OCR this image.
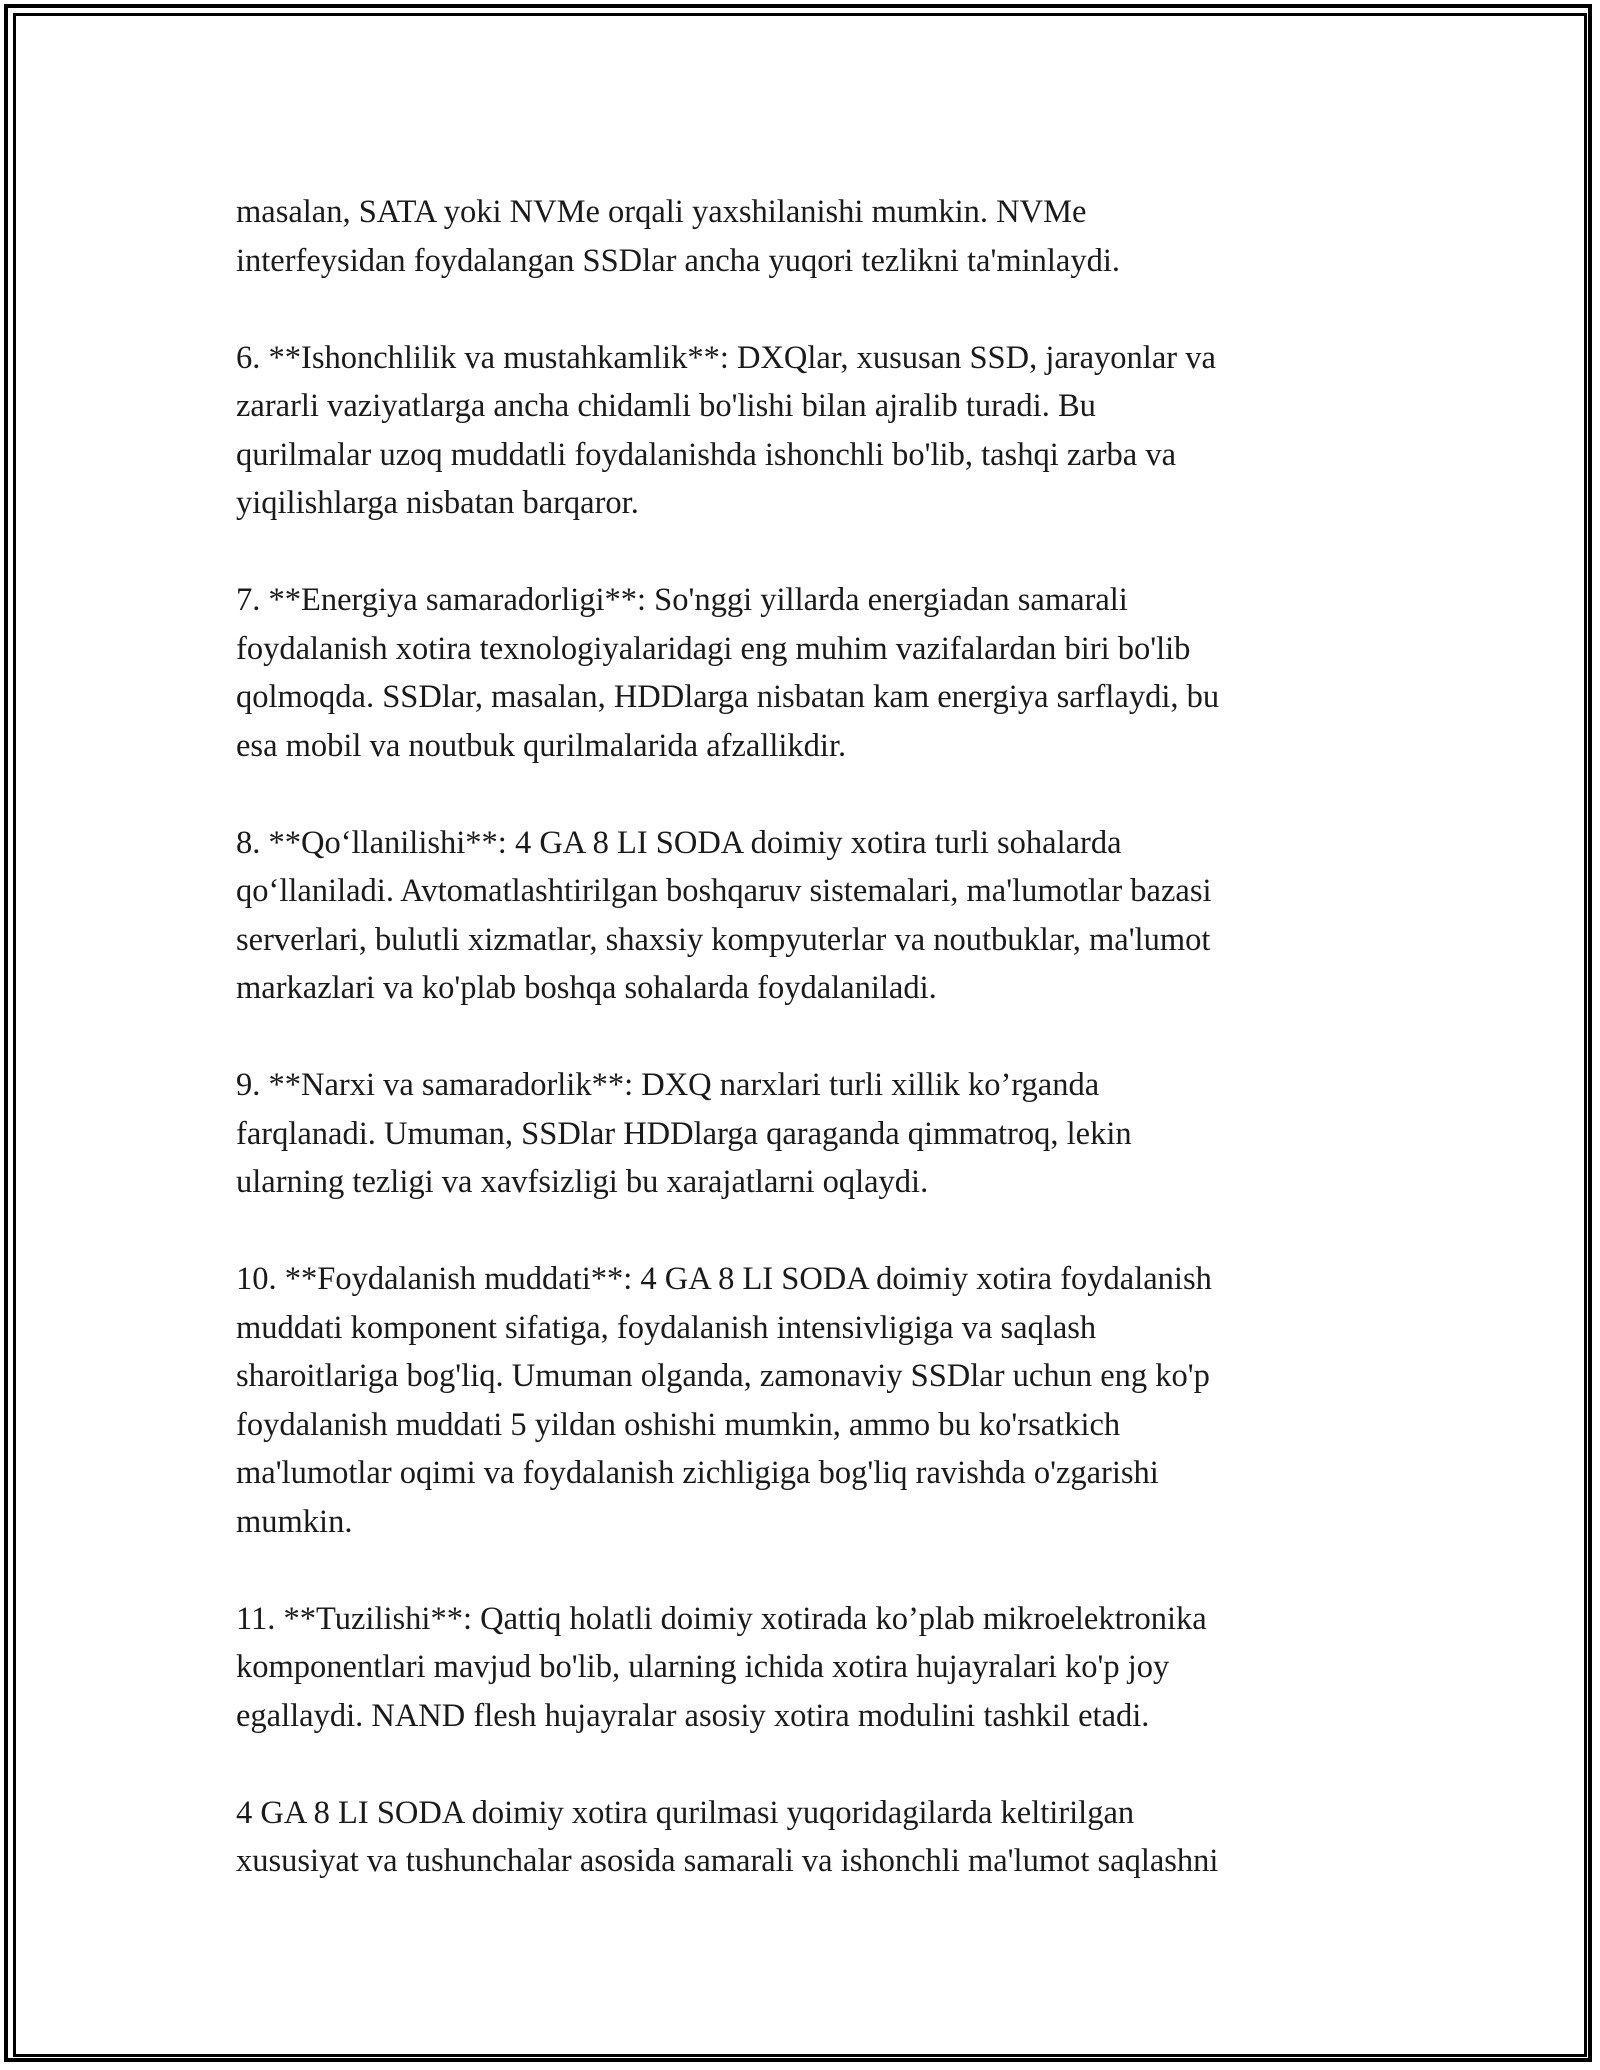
masalan, SATA yoki NVMe orqali yaxshilanishi mumkin. NVMe
interfeysidan foydalangan SSDlar ancha yuqori tezlikni ta'minlaydi.

6. **Ishonchlilik va mustahkamlik**: DXQlar, xususan SSD, jarayonlar va
zararli vaziyatlarga ancha chidamli bo'lishi bilan ajralib turadi. Bu
qurilmalar uzoq muddatli foydalanishda ishonchli bo'lib, tashqi zarba va
yiqilishlarga nisbatan barqaror.

7. **Energiya samaradorligi**: So'nggi yillarda energiadan samarali
foydalanish xotira texnologiyalaridagi eng muhim vazifalardan biri bo'lib
qolmoqda. SSDlar, masalan, HDDlarga nisbatan kam energiya sarflaydi, bu
esa mobil va noutbuk qurilmalarida afzallikdir.

8. **Qo‘llanilishi**: 4 GA 8 LI SODA doimiy xotira turli sohalarda
qo‘llaniladi. Avtomatlashtirilgan boshqaruv sistemalari, ma'lumotlar bazasi
serverlari, bulutli xizmatlar, shaxsiy kompyuterlar va noutbuklar, ma'lumot
markazlari va ko'plab boshqa sohalarda foydalaniladi.

9. **Narxi va samaradorlik**: DXQ narxlari turli xillik ko’rganda
farqlanadi. Umuman, SSDlar HDDlarga qaraganda qimmatroq, lekin
ularning tezligi va xavfsizligi bu xarajatlarni oqlaydi.

10. **Foydalanish muddati**: 4 GA 8 LI SODA doimiy xotira foydalanish
muddati komponent sifatiga, foydalanish intensivligiga va saqlash
sharoitlariga bog'liq. Umuman olganda, zamonaviy SSDlar uchun eng ko'p
foydalanish muddati 5 yildan oshishi mumkin, ammo bu ko'rsatkich
ma'lumotlar oqimi va foydalanish zichligiga bog'liq ravishda o'zgarishi
mumkin.

11. **Tuzilishi**: Qattiq holatli doimiy xotirada ko’plab mikroelektronika
komponentlari mavjud bo'lib, ularning ichida xotira hujayralari ko'p joy
egallaydi. NAND flesh hujayralar asosiy xotira modulini tashkil etadi.

4 GA 8 LI SODA doimiy xotira qurilmasi yuqoridagilarda keltirilgan
xususiyat va tushunchalar asosida samarali va ishonchli ma'lumot saqlashni
